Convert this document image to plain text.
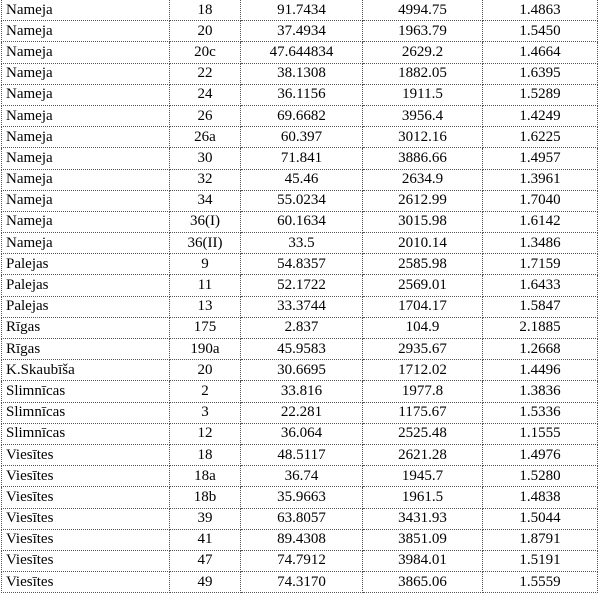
Nameja	18	91.7434	4994.75	1.4863
Nameja	20	37.4934	1963.79	1.5450
Nameja	20c	47.644834	2629.2	1.4664
Nameja	22	38.1308	1882.05	1.6395
Nameja	24	36.1156	1911.5	1.5289
Nameja	26	69.6682	3956.4	1.4249
Nameja	26a	60.397	3012.16	1.6225
Nameja	30	71.841	3886.66	1.4957
Nameja	32	45.46	2634.9	1.3961
Nameja	34	55.0234	2612.99	1.7040
Nameja	36(I)	60.1634	3015.98	1.6142
Nameja	36(II)	33.5	2010.14	1.3486
Palejas	9	54.8357	2585.98	1.7159
Palejas	11	52.1722	2569.01	1.6433
Palejas	13	33.3744	1704.17	1.5847
Rīgas	175	2.837	104.9	2.1885
Rīgas	190a	45.9583	2935.67	1.2668
K.Skaubīša	20	30.6695	1712.02	1.4496
Slimnīcas	2	33.816	1977.8	1.3836
Slimnīcas	3	22.281	1175.67	1.5336
Slimnīcas	12	36.064	2525.48	1.1555
Viesītes	18	48.5117	2621.28	1.4976
Viesītes	18a	36.74	1945.7	1.5280
Viesītes	18b	35.9663	1961.5	1.4838
Viesītes	39	63.8057	3431.93	1.5044
Viesītes	41	89.4308	3851.09	1.8791
Viesītes	47	74.7912	3984.01	1.5191
Viesītes	49	74.3170	3865.06	1.5559
